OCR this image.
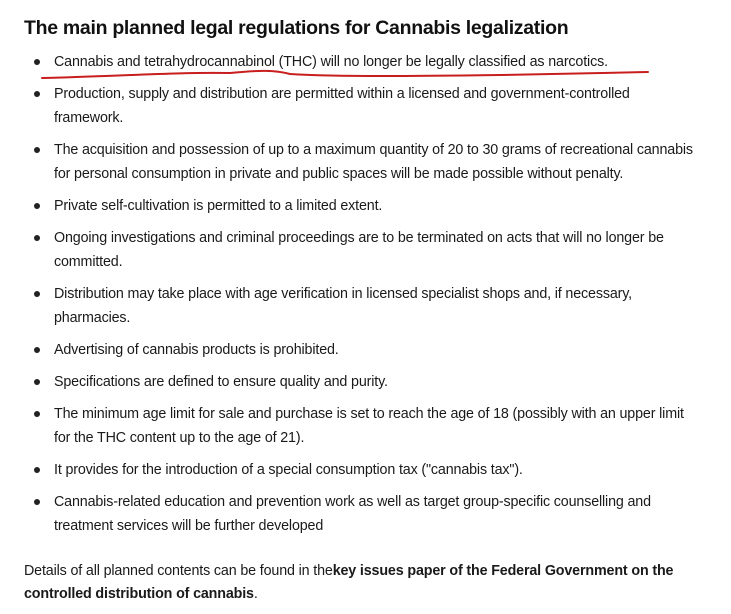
The main planned legal regulations for Cannabis legalization
Cannabis and tetrahydrocannabinol (THC) will no longer be legally classified as narcotics.
Production, supply and distribution are permitted within a licensed and government-controlled framework.
The acquisition and possession of up to a maximum quantity of 20 to 30 grams of recreational cannabis for personal consumption in private and public spaces will be made possible without penalty.
Private self-cultivation is permitted to a limited extent.
Ongoing investigations and criminal proceedings are to be terminated on acts that will no longer be committed.
Distribution may take place with age verification in licensed specialist shops and, if necessary, pharmacies.
Advertising of cannabis products is prohibited.
Specifications are defined to ensure quality and purity.
The minimum age limit for sale and purchase is set to reach the age of 18 (possibly with an upper limit for the THC content up to the age of 21).
It provides for the introduction of a special consumption tax ("cannabis tax").
Cannabis-related education and prevention work as well as target group-specific counselling and treatment services will be further developed
Details of all planned contents can be found in thekey issues paper of the Federal Government on the controlled distribution of cannabis.
